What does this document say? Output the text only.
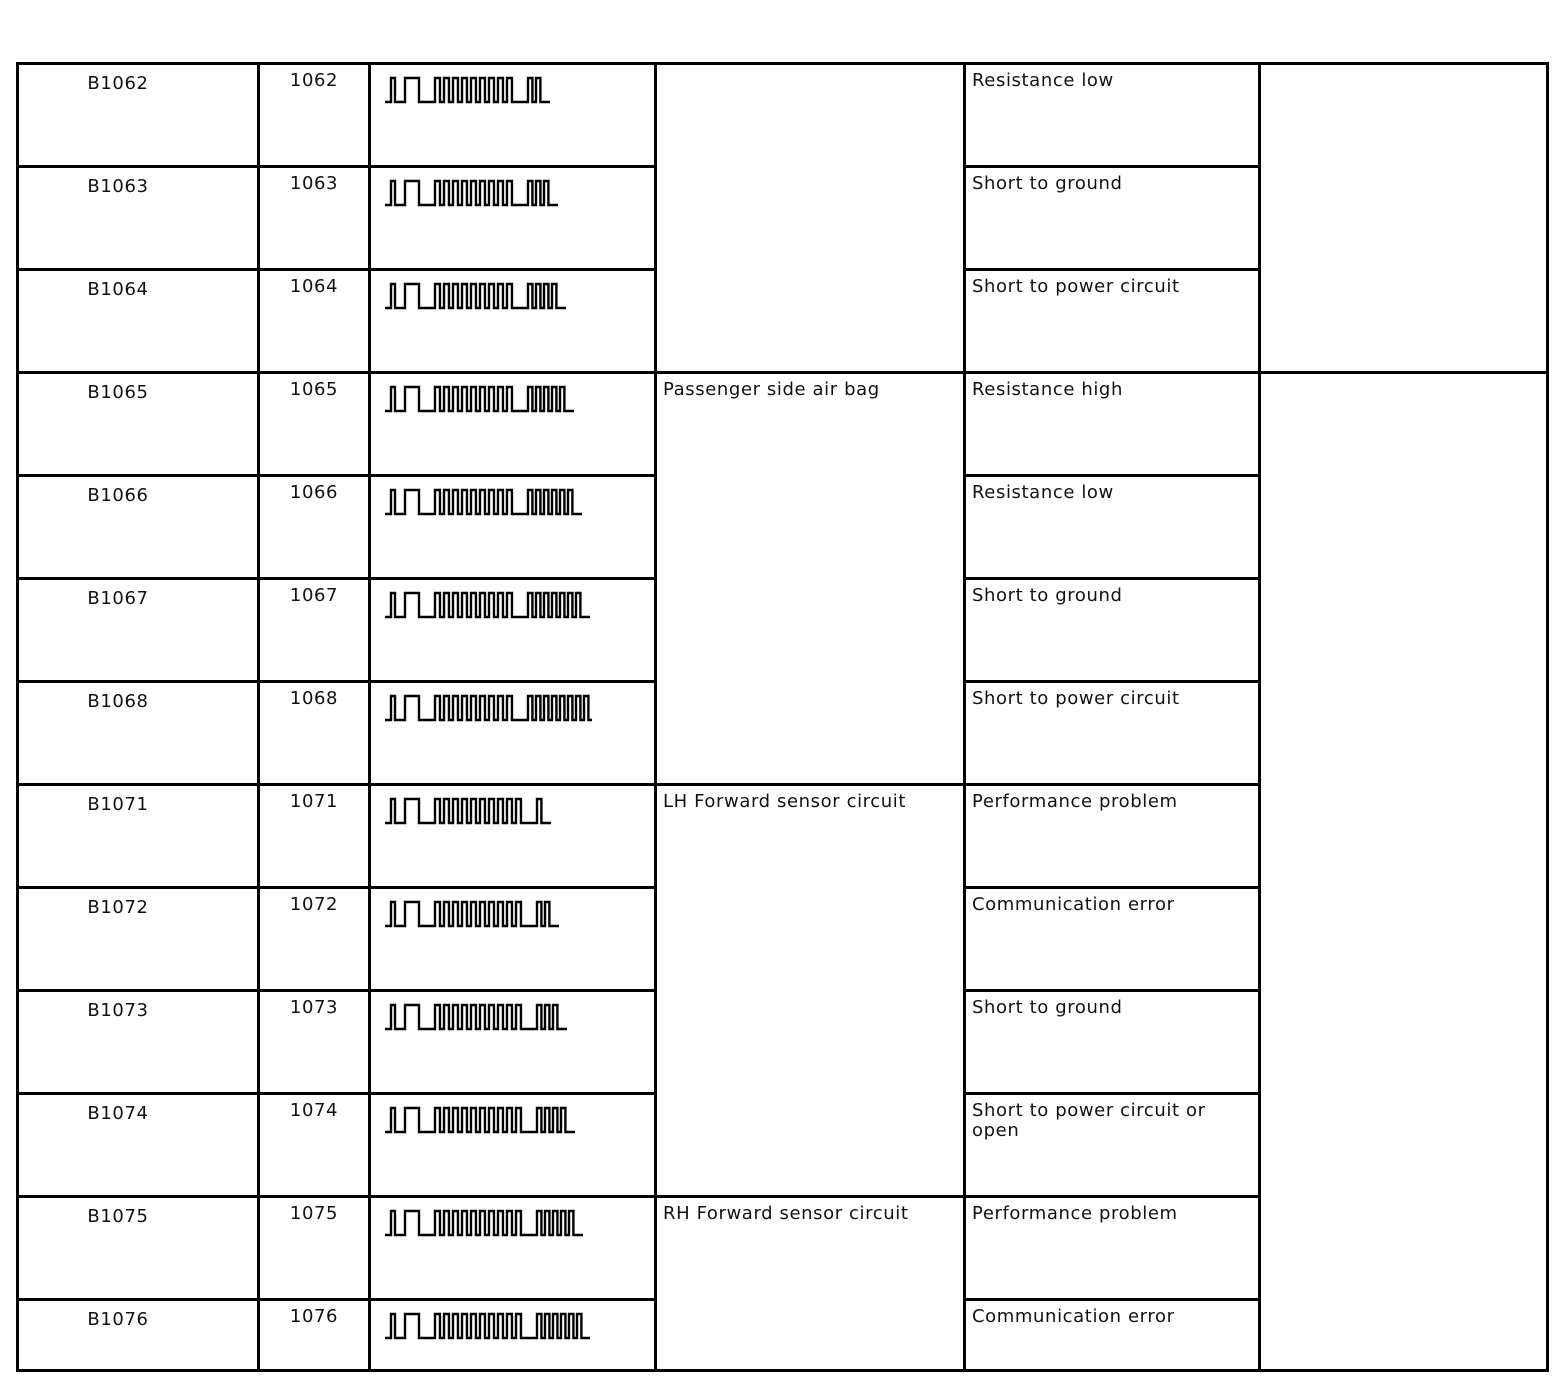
B1062	1062			Resistance low	
B1063	1063			Short to ground	
B1064	1064			Short to power circuit	
B1065	1065		Passenger side air bag	Resistance high	
B1066	1066			Resistance low	
B1067	1067			Short to ground	
B1068	1068			Short to power circuit	
B1071	1071		LH Forward sensor circuit	Performance problem	
B1072	1072			Communication error	
B1073	1073			Short to ground	
B1074	1074			Short to power circuit or open	
B1075	1075		RH Forward sensor circuit	Performance problem	
B1076	1076			Communication error	
